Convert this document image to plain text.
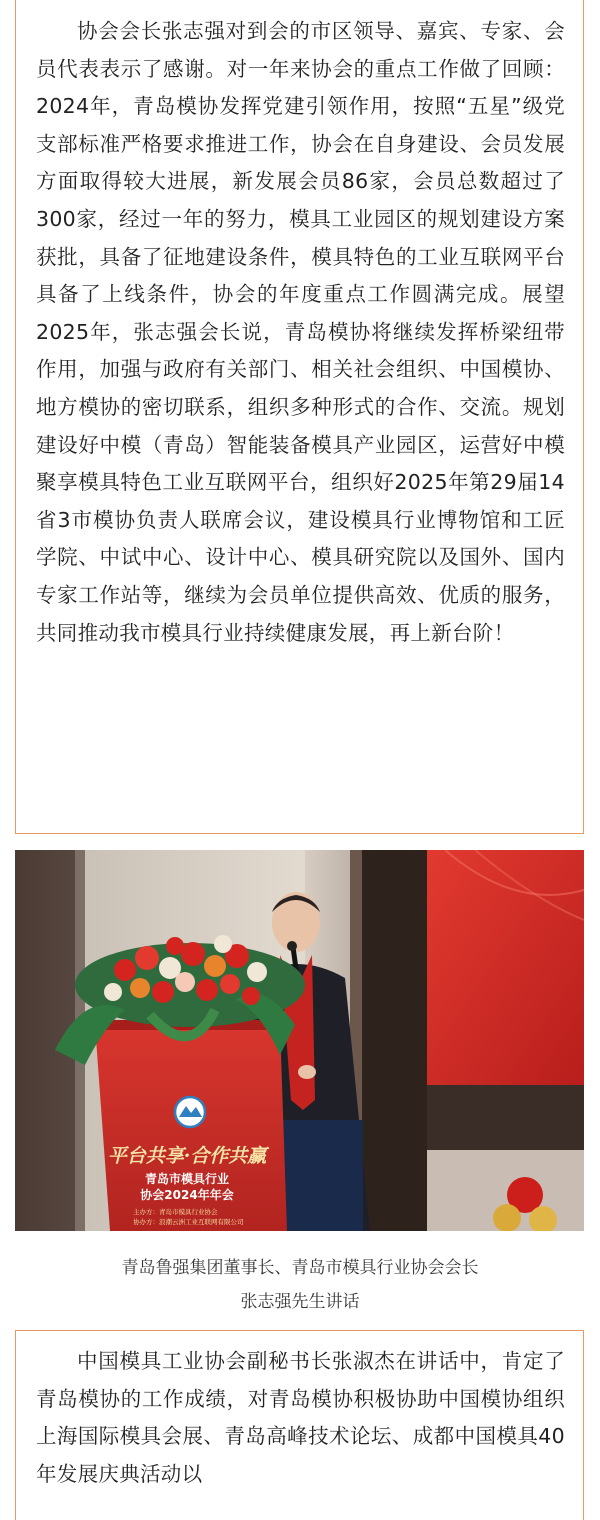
协会会长张志强对到会的市区领导、嘉宾、专家、会员代表表示了感谢。对一年来协会的重点工作做了回顾：2024年，青岛模协发挥党建引领作用，按照“五星”级党支部标准严格要求推进工作，协会在自身建设、会员发展方面取得较大进展，新发展会员86家，会员总数超过了300家，经过一年的努力，模具工业园区的规划建设方案获批，具备了征地建设条件，模具特色的工业互联网平台具备了上线条件，协会的年度重点工作圆满完成。展望2025年，张志强会长说，青岛模协将继续发挥桥梁纽带作用，加强与政府有关部门、相关社会组织、中国模协、地方模协的密切联系，组织多种形式的合作、交流。规划建设好中模（青岛）智能装备模具产业园区，运营好中模聚享模具特色工业互联网平台，组织好2025年第29届14省3市模协负责人联席会议，建设模具行业博物馆和工匠学院、中试中心、设计中心、模具研究院以及国外、国内专家工作站等，继续为会员单位提供高效、优质的服务，共同推动我市模具行业持续健康发展，再上新台阶！

平台共享·合作共赢
青岛市模具行业
协会2024年年会
主办方：青岛市模具行业协会
协办方：浪潮云洲工业互联网有限公司
青岛鲁强集团董事长、青岛市模具行业协会会长
张志强先生讲话

中国模具工业协会副秘书长张淑杰在讲话中，肯定了青岛模协的工作成绩，对青岛模协积极协助中国模协组织上海国际模具会展、青岛高峰技术论坛、成都中国模具40年发展庆典活动以
